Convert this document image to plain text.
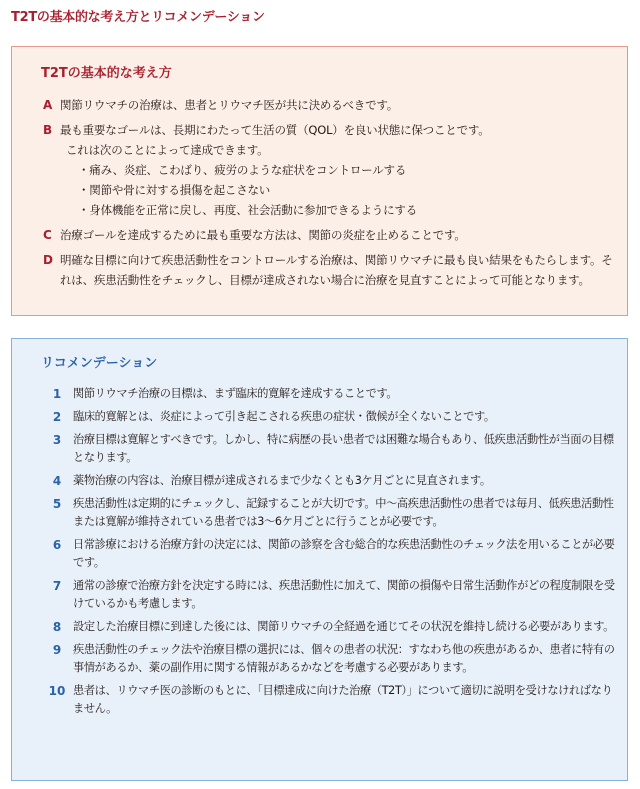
T2Tの基本的な考え方とリコメンデーション
T2Tの基本的な考え方
A 関節リウマチの治療は、患者とリウマチ医が共に決めるべきです。
B 最も重要なゴールは、長期にわたって生活の質（QOL）を良い状態に保つことです。
これは次のことによって達成できます。
・痛み、炎症、こわばり、疲労のような症状をコントロールする
・関節や骨に対する損傷を起こさない
・身体機能を正常に戻し、再度、社会活動に参加できるようにする
C 治療ゴールを達成するために最も重要な方法は、関節の炎症を止めることです。
D 明確な目標に向けて疾患活動性をコントロールする治療は、関節リウマチに最も良い結果をもたらします。それは、疾患活動性をチェックし、目標が達成されない場合に治療を見直すことによって可能となります。
リコメンデーション
1	関節リウマチ治療の目標は、まず臨床的寛解を達成することです。
2	臨床的寛解とは、炎症によって引き起こされる疾患の症状・徴候が全くないことです。
3	治療目標は寛解とすべきです。しかし、特に病歴の長い患者では困難な場合もあり、低疾患活動性が当面の目標となります。
4	薬物治療の内容は、治療目標が達成されるまで少なくとも3ケ月ごとに見直されます。
5	疾患活動性は定期的にチェックし、記録することが大切です。中〜高疾患活動性の患者では毎月、低疾患活動性または寛解が維持されている患者では3〜6ケ月ごとに行うことが必要です。
6	日常診療における治療方針の決定には、関節の診察を含む総合的な疾患活動性のチェック法を用いることが必要です。
7	通常の診療で治療方針を決定する時には、疾患活動性に加えて、関節の損傷や日常生活動作がどの程度制限を受けているかも考慮します。
8	設定した治療目標に到達した後には、関節リウマチの全経過を通じてその状況を維持し続ける必要があります。
9	疾患活動性のチェック法や治療目標の選択には、個々の患者の状況：すなわち他の疾患があるか、患者に特有の事情があるか、薬の副作用に関する情報があるかなどを考慮する必要があります。
10 患者は、リウマチ医の診断のもとに、「目標達成に向けた治療（T2T）」について適切に説明を受けなければなりません。
